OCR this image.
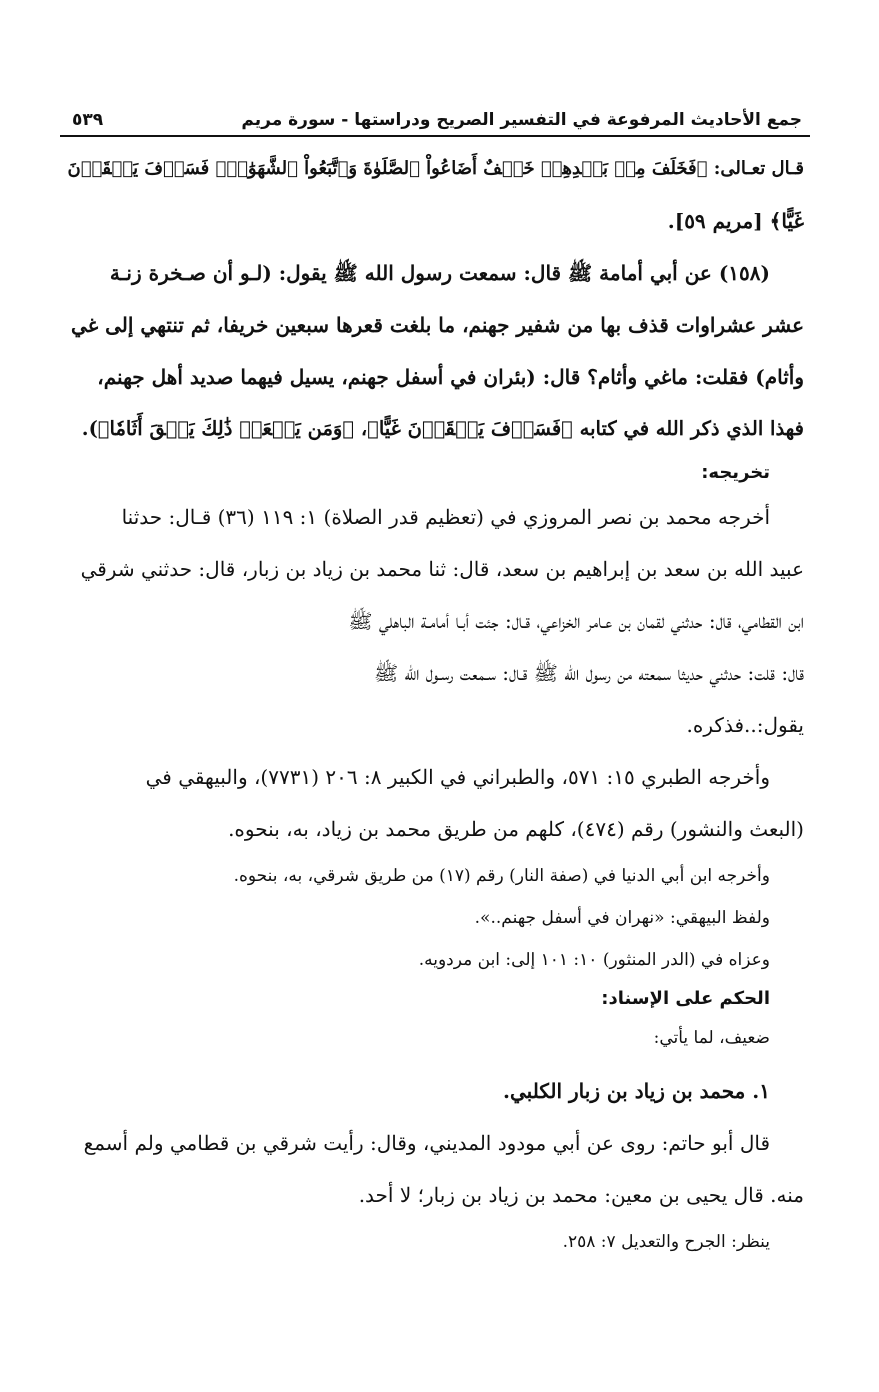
جمع الأحاديث المرفوعة في التفسير الصريح ودراستها - سورة مريم
٥٣٩

قـال تعـالى: ﴿فَخَلَفَ مِنۢ بَعۡدِهِمۡ خَلۡفٌ أَضَاعُواْ ٱلصَّلَوٰةَ وَٱتَّبَعُواْ ٱلشَّهَوَٰتِۖ فَسَوۡفَ يَلۡقَوۡنَ

غَيًّا﴾ [مريم ٥٩].

(١٥٨) عن أبي أمامة ﷺ قال: سمعت رسول الله ﷺ يقول: (لـو أن صـخرة زنـة

عشر عشراوات قذف بها من شفير جهنم، ما بلغت قعرها سبعين خريفا، ثم تنتهي إلى غي

وأثام) فقلت: ماغي وأثام؟ قال: (بئران في أسفل جهنم، يسيل فيهما صديد أهل جهنم،

فهذا الذي ذكر الله في كتابه ﴿فَسَوۡفَ يَلۡقَوۡنَ غَيًّا﴾، ﴿وَمَن يَفۡعَلۡ ذَٰلِكَ يَلۡقَ أَثَامٗا﴾).

تخريجه:

أخرجه محمد بن نصر المروزي في (تعظيم قدر الصلاة) ١: ١١٩ (٣٦) قـال: حدثنا

عبيد الله بن سعد بن إبراهيم بن سعد، قال: ثنا محمد بن زياد بن زبار، قال: حدثني شرقي

ابن القطامي، قال: حدثني لقمان بن عـامر الخزاعي، قـال: جئت أبـا أمامـة الباهلي ﷺ

قال: قلت: حدثني حديثا سمعته من رسول الله ﷺ قـال: سـمعت رسـول الله ﷺ

يقول:..فذكره.

وأخرجه الطبري ١٥: ٥٧١، والطبراني في الكبير ٨: ٢٠٦ (٧٧٣١)، والبيهقي في

(البعث والنشور) رقم (٤٧٤)، كلهم من طريق محمد بن زياد، به، بنحوه.

وأخرجه ابن أبي الدنيا في (صفة النار) رقم (١٧) من طريق شرقي، به، بنحوه.

ولفظ البيهقي: «نهران في أسفل جهنم..».

وعزاه في (الدر المنثور) ١٠: ١٠١ إلى: ابن مردويه.

الحكم على الإسناد:

ضعيف، لما يأتي:

١. محمد بن زياد بن زبار الكلبي.

قال أبو حاتم: روى عن أبي مودود المديني، وقال: رأيت شرقي بن قطامي ولم أسمع

منه. قال يحيى بن معين: محمد بن زياد بن زبار؛ لا أحد.

ينظر: الجرح والتعديل ٧: ٢٥٨.
